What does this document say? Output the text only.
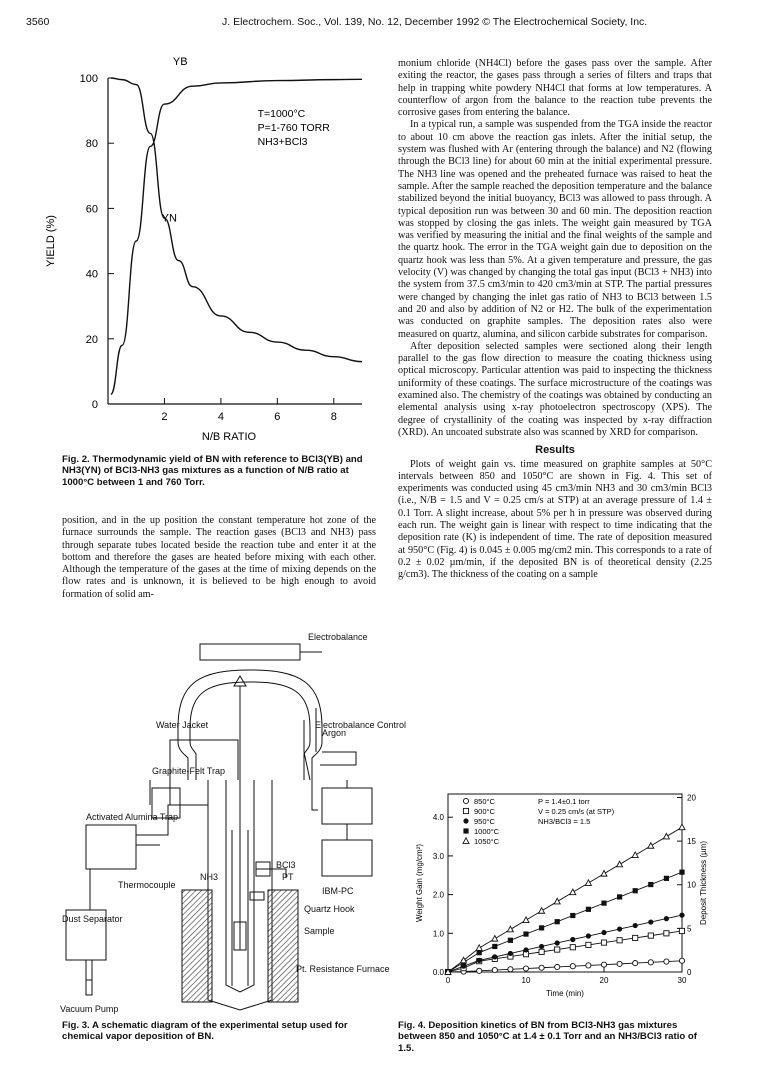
3560	J. Electrochem. Soc., Vol. 139, No. 12, December 1992 © The Electrochemical Society, Inc.
0
20
40
60
80
100
2	4	6	8
N/B RATIO
YIELD (%)
YB
YN
T=1000°C
P=1-760 TORR
NH3+BCl3
Fig. 2. Thermodynamic yield of BN with reference to BCl3(YB) and NH3(YN) of BCl3-NH3 gas mixtures as a function of N/B ratio at 1000°C between 1 and 760 Torr.

position, and in the up position the constant temperature hot zone of the furnace surrounds the sample. The reaction gases (BCl3 and NH3) pass through separate tubes located beside the reaction tube and enter it at the bottom and therefore the gases are heated before mixing with each other. Although the temperature of the gases at the time of mixing depends on the flow rates and is unknown, it is believed to be high enough to avoid formation of solid am-

Electrobalance
Argon
Water Jacket	Electrobalance Control
Graphite-Felt Trap
Activated Alumina Trap
PT
BCl3
NH3
Thermocouple
IBM-PC
Dust Separator
Quartz Hook
Sample
Pt. Resistance Furnace
Vacuum Pump
Fig. 3. A schematic diagram of the experimental setup used for chemical vapor deposition of BN.

monium chloride (NH4Cl) before the gases pass over the sample. After exiting the reactor, the gases pass through a series of filters and traps that help in trapping white powdery NH4Cl that forms at low temperatures. A counterflow of argon from the balance to the reaction tube prevents the corrosive gases from entering the balance.

In a typical run, a sample was suspended from the TGA inside the reactor to about 10 cm above the reaction gas inlets. After the initial setup, the system was flushed with Ar (entering through the balance) and N2 (flowing through the BCl3 line) for about 60 min at the initial experimental pressure. The NH3 line was opened and the preheated furnace was raised to heat the sample. After the sample reached the deposition temperature and the balance stabilized beyond the initial buoyancy, BCl3 was allowed to pass through. A typical deposition run was between 30 and 60 min. The deposition reaction was stopped by closing the gas inlets. The weight gain measured by TGA was verified by measuring the initial and the final weights of the sample and the quartz hook. The error in the TGA weight gain due to deposition on the quartz hook was less than 5%. At a given temperature and pressure, the gas velocity (V) was changed by changing the total gas input (BCl3 + NH3) into the system from 37.5 cm3/min to 420 cm3/min at STP. The partial pressures were changed by changing the inlet gas ratio of NH3 to BCl3 between 1.5 and 20 and also by addition of N2 or H2. The bulk of the experimentation was conducted on graphite samples. The deposition rates also were measured on quartz, alumina, and silicon carbide substrates for comparison.

After deposition selected samples were sectioned along their length parallel to the gas flow direction to measure the coating thickness using optical microscopy. Particular attention was paid to inspecting the thickness uniformity of these coatings. The surface microstructure of the coatings was examined also. The chemistry of the coatings was obtained by conducting an elemental analysis using x-ray photoelectron spectroscopy (XPS). The degree of crystallinity of the coating was inspected by x-ray diffraction (XRD). An uncoated substrate also was scanned by XRD for comparison.

Results

Plots of weight gain vs. time measured on graphite samples at 50°C intervals between 850 and 1050°C are shown in Fig. 4. This set of experiments was conducted using 45 cm3/min NH3 and 30 cm3/min BCl3 (i.e., N/B = 1.5 and V = 0.25 cm/s at STP) at an average pressure of 1.4 ± 0.1 Torr. A slight increase, about 5% per h in pressure was observed during each run. The weight gain is linear with respect to time indicating that the deposition rate (K) is independent of time. The rate of deposition measured at 950°C (Fig. 4) is 0.045 ± 0.005 mg/cm2 min. This corresponds to a rate of 0.2 ± 0.02 µm/min, if the deposited BN is of theoretical density (2.25 g/cm3). The thickness of the coating on a sample

0.0
1.0
2.0
3.0
4.0
0
5
10
15
20
0	10	20	30
Time (min)
Weight Gain (mg/cm²)	Deposit Thickness (µm)
850°C
900°C
950°C
1000°C
1050°C
P = 1.4±0.1 torr
V = 0.25 cm/s (at STP)
NH3/BCl3 = 1.5
Fig. 4. Deposition kinetics of BN from BCl3-NH3 gas mixtures between 850 and 1050°C at 1.4 ± 0.1 Torr and an NH3/BCl3 ratio of 1.5.
